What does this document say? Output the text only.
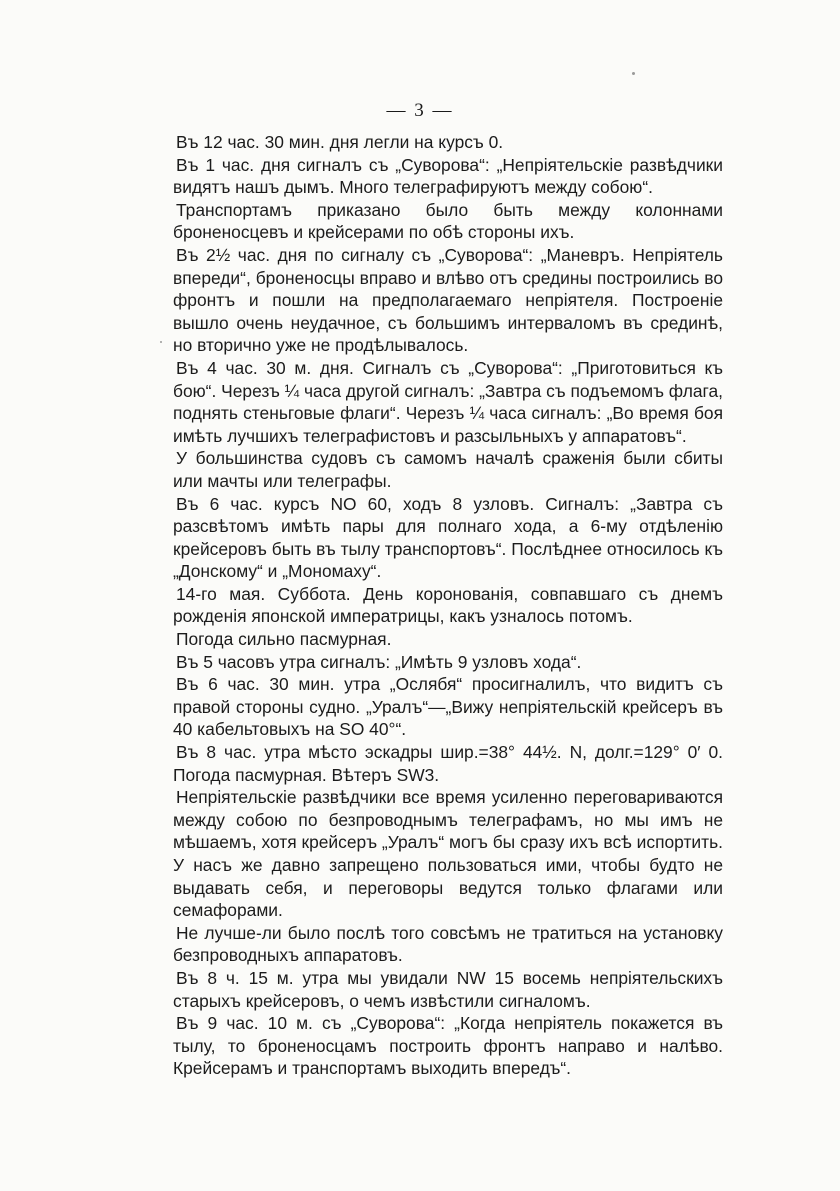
— 3 —

Въ 12 час. 30 мин. дня легли на курсъ 0.

Въ 1 час. дня сигналъ съ „Суворова“: „Непріятельскіе развѣдчики видятъ нашъ дымъ. Много телеграфируютъ между собою“.

Транспортамъ приказано было быть между колоннами броненосцевъ и крейсерами по обѣ стороны ихъ.

Въ 2½ час. дня по сигналу съ „Суворова“: „Маневръ. Непріятель впереди“, броненосцы вправо и влѣво отъ средины построились во фронтъ и пошли на предполагаемаго непріятеля. Построеніе вышло очень неудачное, съ большимъ интерваломъ въ срединѣ, но вторично уже не продѣлывалось.

Въ 4 час. 30 м. дня. Сигналъ съ „Суворова“: „Приготовиться къ бою“. Черезъ ¼ часа другой сигналъ: „Завтра съ подъемомъ флага, поднять стеньговые флаги“. Черезъ ¼ часа сигналъ: „Во время боя имѣть лучшихъ телеграфистовъ и разсыльныхъ у аппаратовъ“.

У большинства судовъ съ самомъ началѣ сраженія были сбиты или мачты или телеграфы.

Въ 6 час. курсъ NO 60, ходъ 8 узловъ. Сигналъ: „Завтра съ разсвѣтомъ имѣть пары для полнаго хода, а 6-му отдѣленію крейсеровъ быть въ тылу транспортовъ“. Послѣднее относилось къ „Донскому“ и „Мономаху“.

14-го мая. Суббота. День коронованія, совпавшаго съ днемъ рожденія японской императрицы, какъ узналось потомъ.

Погода сильно пасмурная.

Въ 5 часовъ утра сигналъ: „Имѣть 9 узловъ хода“.

Въ 6 час. 30 мин. утра „Ослябя“ просигналилъ, что видитъ съ правой стороны судно. „Уралъ“—„Вижу непріятельскій крейсеръ въ 40 кабельтовыхъ на SO 40°“.

Въ 8 час. утра мѣсто эскадры шир.=38° 44½. N, долг.=129° 0′ 0. Погода пасмурная. Вѣтеръ SW3.

Непріятельскіе развѣдчики все время усиленно переговариваются между собою по безпроводнымъ телеграфамъ, но мы имъ не мѣшаемъ, хотя крейсеръ „Уралъ“ могъ бы сразу ихъ всѣ испортить. У насъ же давно запрещено пользоваться ими, чтобы будто не выдавать себя, и переговоры ведутся только флагами или семафорами.

Не лучше-ли было послѣ того совсѣмъ не тратиться на установку безпроводныхъ аппаратовъ.

Въ 8 ч. 15 м. утра мы увидали NW 15 восемь непріятельскихъ старыхъ крейсеровъ, о чемъ извѣстили сигналомъ.

Въ 9 час. 10 м. съ „Суворова“: „Когда непріятель покажется въ тылу, то броненосцамъ построить фронтъ направо и налѣво. Крейсерамъ и транспортамъ выходить впередъ“.
